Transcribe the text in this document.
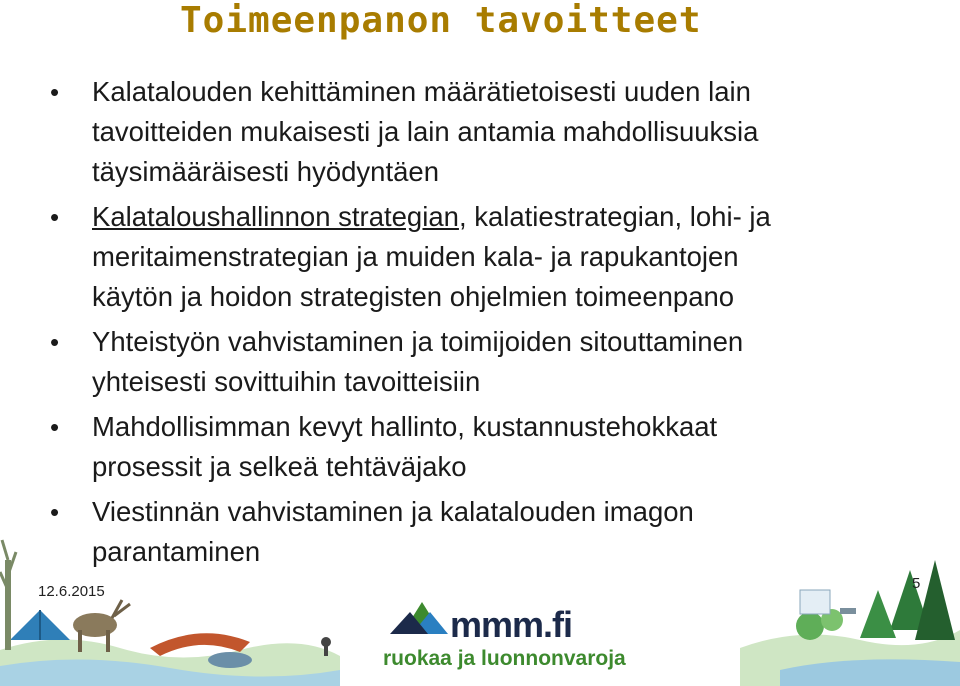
Toimeenpanon tavoitteet
• Kalatalouden kehittäminen määrätietoisesti uuden lain
tavoitteiden mukaisesti ja lain antamia mahdollisuuksia
täysimääräisesti hyödyntäen
• Kalataloushallinnon strategian, kalatiestrategian, lohi- ja
meritaimenstrategian ja muiden kala- ja rapukantojen
käytön ja hoidon strategisten ohjelmien toimeenpano
• Yhteistyön vahvistaminen ja toimijoiden sitouttaminen
yhteisesti sovittuihin tavoitteisiin
• Mahdollisimman kevyt hallinto, kustannustehokkaat
prosessit ja selkeä tehtäväjako
• Viestinnän vahvistaminen ja kalatalouden imagon
parantaminen
12.6.2015	5
mmm.fi
ruokaa ja luonnonvaroja
